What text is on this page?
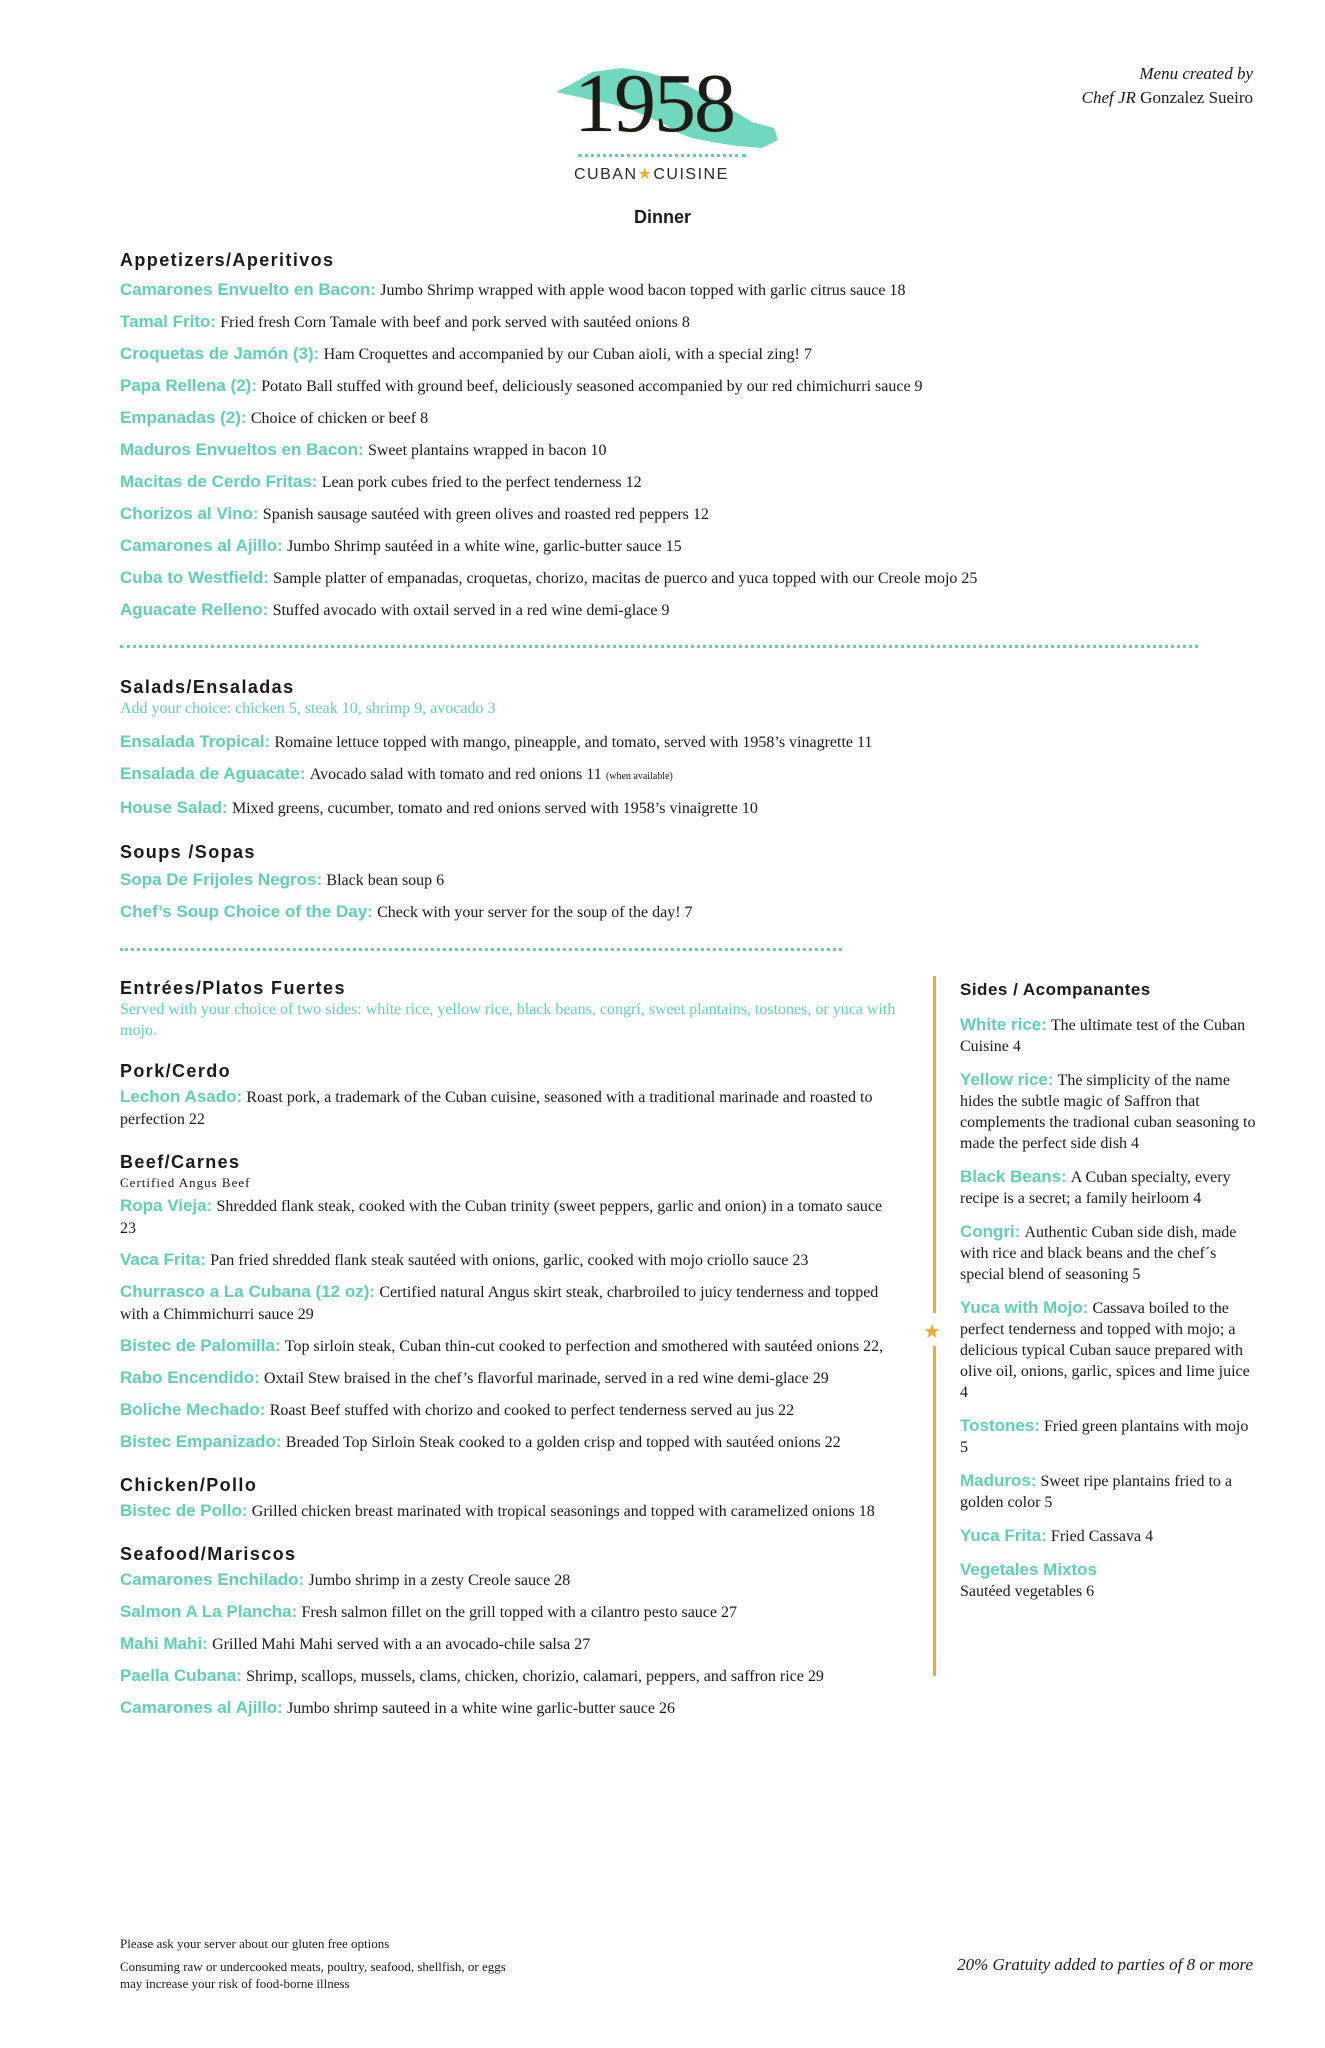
1958
CUBAN★CUISINE
Menu created by
Chef JR Gonzalez Sueiro
Dinner
Appetizers/Aperitivos
Camarones Envuelto en Bacon: Jumbo Shrimp wrapped with apple wood bacon topped with garlic citrus sauce 18
Tamal Frito: Fried fresh Corn Tamale with beef and pork served with sautéed onions 8
Croquetas de Jamón (3): Ham Croquettes and accompanied by our Cuban aioli, with a special zing! 7
Papa Rellena (2): Potato Ball stuffed with ground beef, deliciously seasoned accompanied by our red chimichurri sauce 9
Empanadas (2): Choice of chicken or beef 8
Maduros Envueltos en Bacon: Sweet plantains wrapped in bacon 10
Macitas de Cerdo Fritas: Lean pork cubes fried to the perfect tenderness 12
Chorizos al Vino: Spanish sausage sautéed with green olives and roasted red peppers 12
Camarones al Ajillo: Jumbo Shrimp sautéed in a white wine, garlic-butter sauce 15
Cuba to Westfield: Sample platter of empanadas, croquetas, chorizo, macitas de puerco and yuca topped with our Creole mojo 25
Aguacate Relleno: Stuffed avocado with oxtail served in a red wine demi-glace 9
Salads/Ensaladas
Add your choice: chicken 5, steak 10, shrimp 9, avocado 3
Ensalada Tropical: Romaine lettuce topped with mango, pineapple, and tomato, served with 1958’s vinagrette 11
Ensalada de Aguacate: Avocado salad with tomato and red onions 11 (when available)
House Salad: Mixed greens, cucumber, tomato and red onions served with 1958’s vinaigrette 10
Soups /Sopas
Sopa De Frijoles Negros: Black bean soup 6
Chef’s Soup Choice of the Day: Check with your server for the soup of the day! 7
Entrées/Platos Fuertes
Served with your choice of two sides: white rice, yellow rice, black beans, congrí, sweet plantains, tostones, or yuca with mojo.
Pork/Cerdo
Lechon Asado: Roast pork, a trademark of the Cuban cuisine, seasoned with a traditional marinade and roasted to perfection 22
Beef/Carnes
Certified Angus Beef
Ropa Vieja: Shredded flank steak, cooked with the Cuban trinity (sweet peppers, garlic and onion) in a tomato sauce 23
Vaca Frita: Pan fried shredded flank steak sautéed with onions, garlic, cooked with mojo criollo sauce 23
Churrasco a La Cubana (12 oz): Certified natural Angus skirt steak, charbroiled to juicy tenderness and topped with a Chimmichurri sauce 29
Bistec de Palomilla: Top sirloin steak, Cuban thin-cut cooked to perfection and smothered with sautéed onions 22,
Rabo Encendido: Oxtail Stew braised in the chef’s flavorful marinade, served in a red wine demi-glace 29
Boliche Mechado: Roast Beef stuffed with chorizo and cooked to perfect tenderness served au jus 22
Bistec Empanizado: Breaded Top Sirloin Steak cooked to a golden crisp and topped with sautéed onions 22
Chicken/Pollo
Bistec de Pollo: Grilled chicken breast marinated with tropical seasonings and topped with caramelized onions 18
Seafood/Mariscos
Camarones Enchilado: Jumbo shrimp in a zesty Creole sauce 28
Salmon A La Plancha: Fresh salmon fillet on the grill topped with a cilantro pesto sauce 27
Mahi Mahi: Grilled Mahi Mahi served with a an avocado-chile salsa 27
Paella Cubana: Shrimp, scallops, mussels, clams, chicken, chorizio, calamari, peppers, and saffron rice 29
Camarones al Ajillo: Jumbo shrimp sauteed in a white wine garlic-butter sauce 26
★
Sides / Acompanantes
White rice: The ultimate test of the Cuban Cuisine 4
Yellow rice: The simplicity of the name hides the subtle magic of Saffron that complements the tradional cuban seasoning to made the perfect side dish 4
Black Beans: A Cuban specialty, every recipe is a secret; a family heirloom 4
Congri: Authentic Cuban side dish, made with rice and black beans and the chef´s special blend of seasoning 5
Yuca with Mojo: Cassava boiled to the perfect tenderness and topped with mojo; a delicious typical Cuban sauce prepared with olive oil, onions, garlic, spices and lime juice 4
Tostones: Fried green plantains with mojo 5
Maduros: Sweet ripe plantains fried to a golden color 5
Yuca Frita: Fried Cassava 4
Vegetales Mixtos
Sautéed vegetables 6
Please ask your server about our gluten free options
Consuming raw or undercooked meats, poultry, seafood, shellfish, or eggs
may increase your risk of food-borne illness
20% Gratuity added to parties of 8 or more
